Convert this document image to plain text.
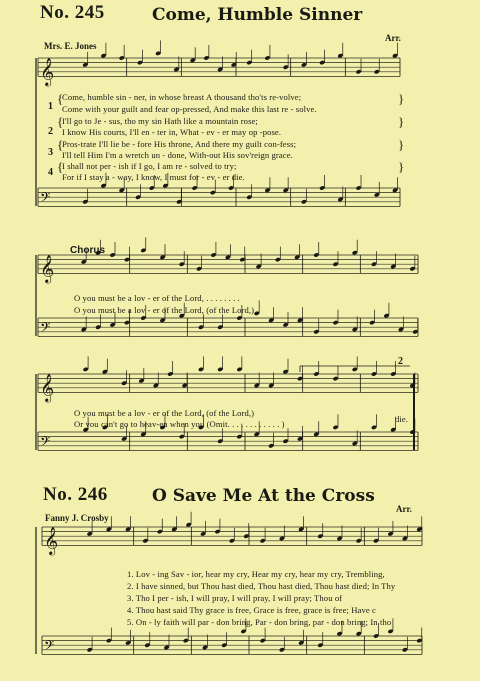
𝄞
𝄢
𝄞
𝄢
𝄞
𝄢
𝄞
𝄢
No. 245	Come, Humble Sinner
Mrs. E. Jones
Arr.
1
2
3
4
Come, humble sin - ner, in whose breast A thousand tho'ts re-volve;
Come with your guilt and fear op-pressed, And make this last re - solve.
I'll go to Je - sus, tho my sin Hath like a mountain rose;
I know His courts, I'll en - ter in, What - ev - er may op -pose.
Pros-trate I'll lie be - fore His throne, And there my guilt con-fess;
I'll tell Him I'm a wretch un - done, With-out His sov'reign grace.
I shall not per - ish if I go, I am re - solved to try;
For if I stay a - way, I know, I must for - ev - er die.
{
{
{
{
}
}
}
}
Chorus
O you must be a lov - er of the Lord, . . . . . . . .
O you must be a lov - er of the Lord, (of the Lord,)
O you must be a lov - er of the Lord, (of the Lord,)
Or you can't go to heav-en when you (Omit. . . . . . . . . . . . )	die.
2
No. 246	O Save Me At the Cross
Fanny J. Crosby
Arr.
1. Lov - ing Sav - ior, hear my cry, Hear my cry, hear my cry, Trembling,
2. I have sinned, but Thou hast died, Thou hast died, Thou hast died; In Thy
3. Tho I per - ish, I will pray, I will pray, I will pray; Thou of
4. Thou hast said Thy grace is free, Grace is free, grace is free; Have c
5. On - ly faith will par - don bring, Par - don bring, par - don bring; In tho
